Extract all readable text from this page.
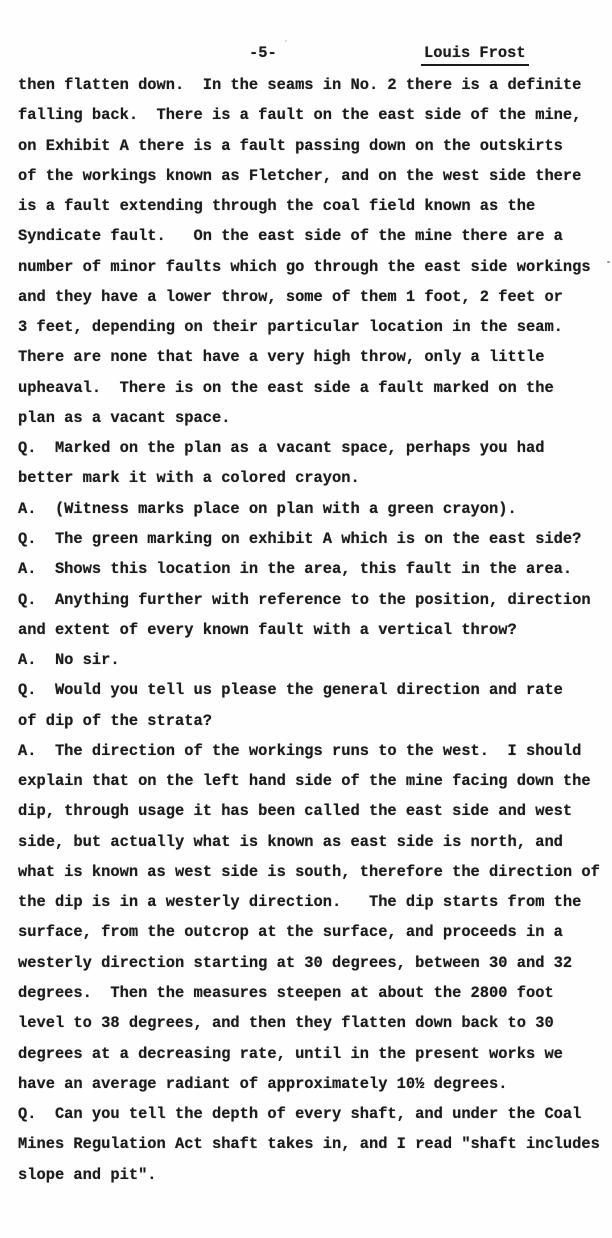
-5-	Louis Frost
then flatten down.  In the seams in No. 2 there is a definite
falling back.  There is a fault on the east side of the mine,
on Exhibit A there is a fault passing down on the outskirts
of the workings known as Fletcher, and on the west side there
is a fault extending through the coal field known as the
Syndicate fault.   On the east side of the mine there are a
number of minor faults which go through the east side workings
and they have a lower throw, some of them 1 foot, 2 feet or
3 feet, depending on their particular location in the seam.
There are none that have a very high throw, only a little
upheaval.  There is on the east side a fault marked on the
plan as a vacant space.
Q.  Marked on the plan as a vacant space, perhaps you had
better mark it with a colored crayon.
A.  (Witness marks place on plan with a green crayon).
Q.  The green marking on exhibit A which is on the east side?
A.  Shows this location in the area, this fault in the area.
Q.  Anything further with reference to the position, direction
and extent of every known fault with a vertical throw?
A.  No sir.
Q.  Would you tell us please the general direction and rate
of dip of the strata?
A.  The direction of the workings runs to the west.  I should
explain that on the left hand side of the mine facing down the
dip, through usage it has been called the east side and west
side, but actually what is known as east side is north, and
what is known as west side is south, therefore the direction of
the dip is in a westerly direction.   The dip starts from the
surface, from the outcrop at the surface, and proceeds in a
westerly direction starting at 30 degrees, between 30 and 32
degrees.  Then the measures steepen at about the 2800 foot
level to 38 degrees, and then they flatten down back to 30
degrees at a decreasing rate, until in the present works we
have an average radiant of approximately 10½ degrees.
Q.  Can you tell the depth of every shaft, and under the Coal
Mines Regulation Act shaft takes in, and I read "shaft includes
slope and pit".
